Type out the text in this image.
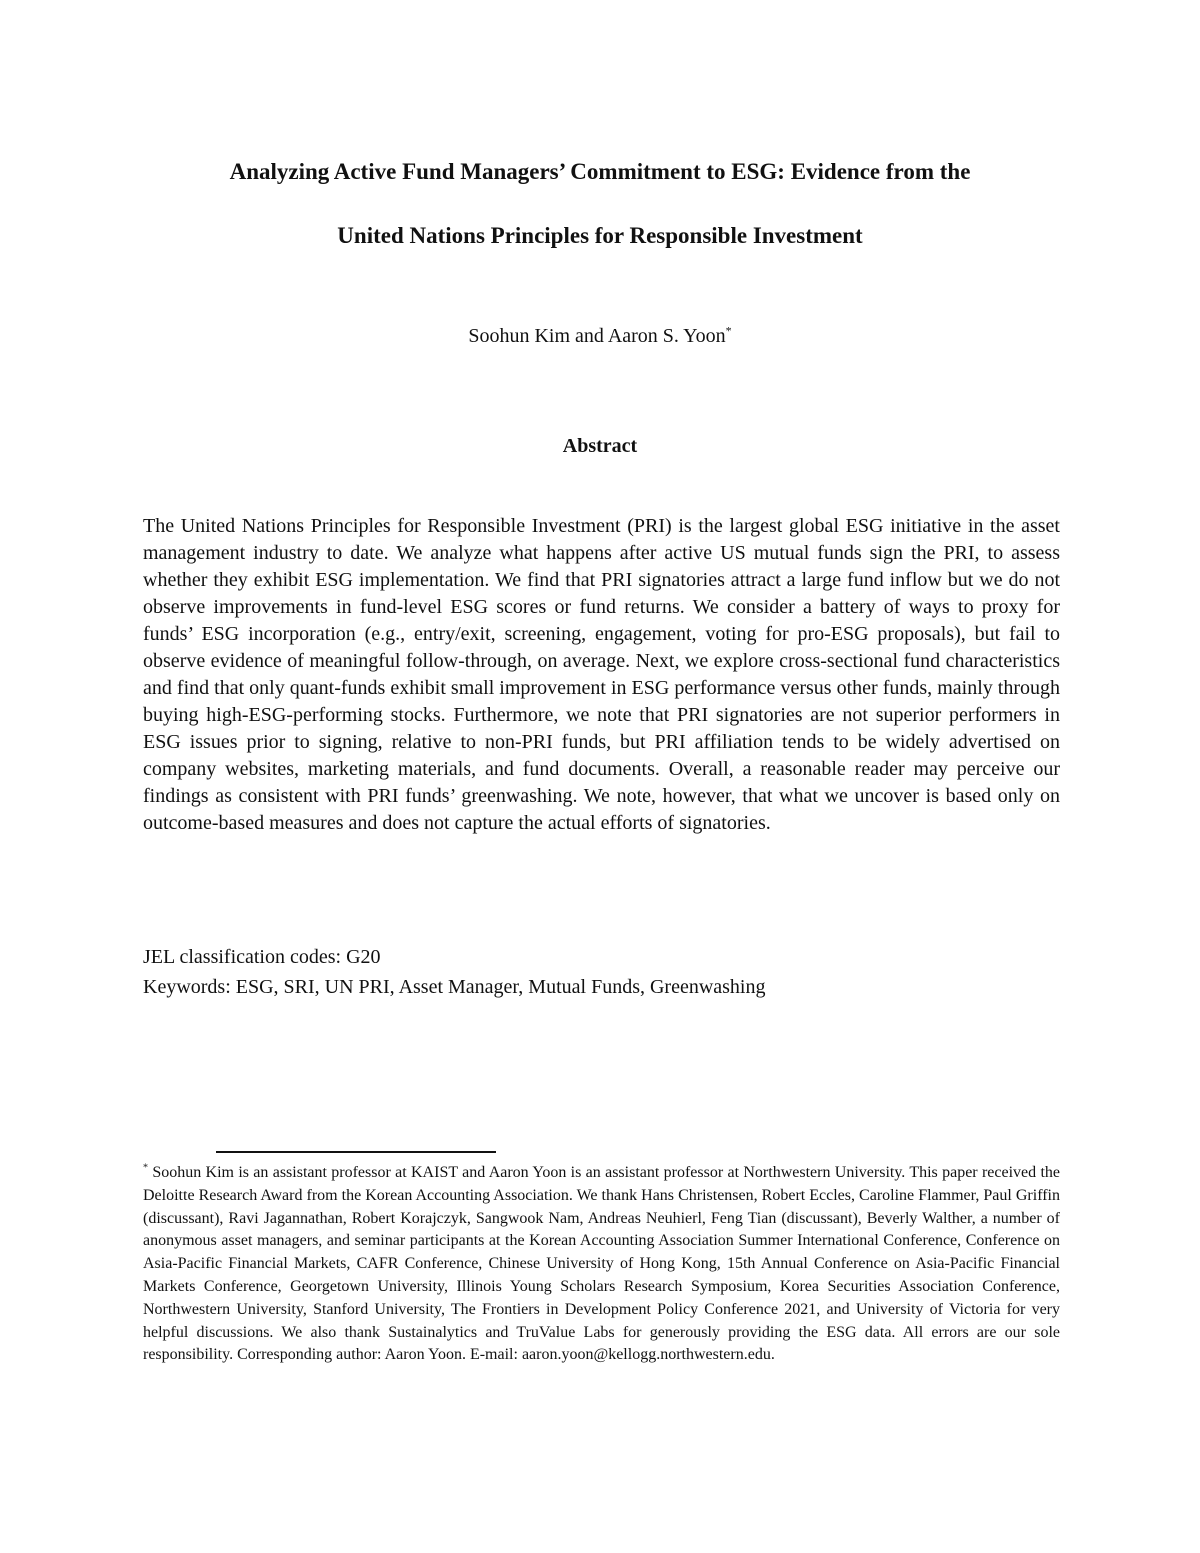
Analyzing Active Fund Managers’ Commitment to ESG: Evidence from the
United Nations Principles for Responsible Investment
Soohun Kim and Aaron S. Yoon*
Abstract

The United Nations Principles for Responsible Investment (PRI) is the largest global ESG initiative in the asset management industry to date. We analyze what happens after active US mutual funds sign the PRI, to assess whether they exhibit ESG implementation. We find that PRI signatories attract a large fund inflow but we do not observe improvements in fund-level ESG scores or fund returns. We consider a battery of ways to proxy for funds’ ESG incorporation (e.g., entry/exit, screening, engagement, voting for pro-ESG proposals), but fail to observe evidence of meaningful follow-through, on average. Next, we explore cross-sectional fund characteristics and find that only quant-funds exhibit small improvement in ESG performance versus other funds, mainly through buying high-ESG-performing stocks. Furthermore, we note that PRI signatories are not superior performers in ESG issues prior to signing, relative to non-PRI funds, but PRI affiliation tends to be widely advertised on company websites, marketing materials, and fund documents. Overall, a reasonable reader may perceive our findings as consistent with PRI funds’ greenwashing. We note, however, that what we uncover is based only on outcome-based measures and does not capture the actual efforts of signatories.

JEL classification codes: G20
Keywords: ESG, SRI, UN PRI, Asset Manager, Mutual Funds, Greenwashing

* Soohun Kim is an assistant professor at KAIST and Aaron Yoon is an assistant professor at Northwestern University. This paper received the Deloitte Research Award from the Korean Accounting Association. We thank Hans Christensen, Robert Eccles, Caroline Flammer, Paul Griffin (discussant), Ravi Jagannathan, Robert Korajczyk, Sangwook Nam, Andreas Neuhierl, Feng Tian (discussant), Beverly Walther, a number of anonymous asset managers, and seminar participants at the Korean Accounting Association Summer International Conference, Conference on Asia-Pacific Financial Markets, CAFR Conference, Chinese University of Hong Kong, 15th Annual Conference on Asia-Pacific Financial Markets Conference, Georgetown University, Illinois Young Scholars Research Symposium, Korea Securities Association Conference, Northwestern University, Stanford University, The Frontiers in Development Policy Conference 2021, and University of Victoria for very helpful discussions. We also thank Sustainalytics and TruValue Labs for generously providing the ESG data. All errors are our sole responsibility. Corresponding author: Aaron Yoon. E-mail: aaron.yoon@kellogg.northwestern.edu.
